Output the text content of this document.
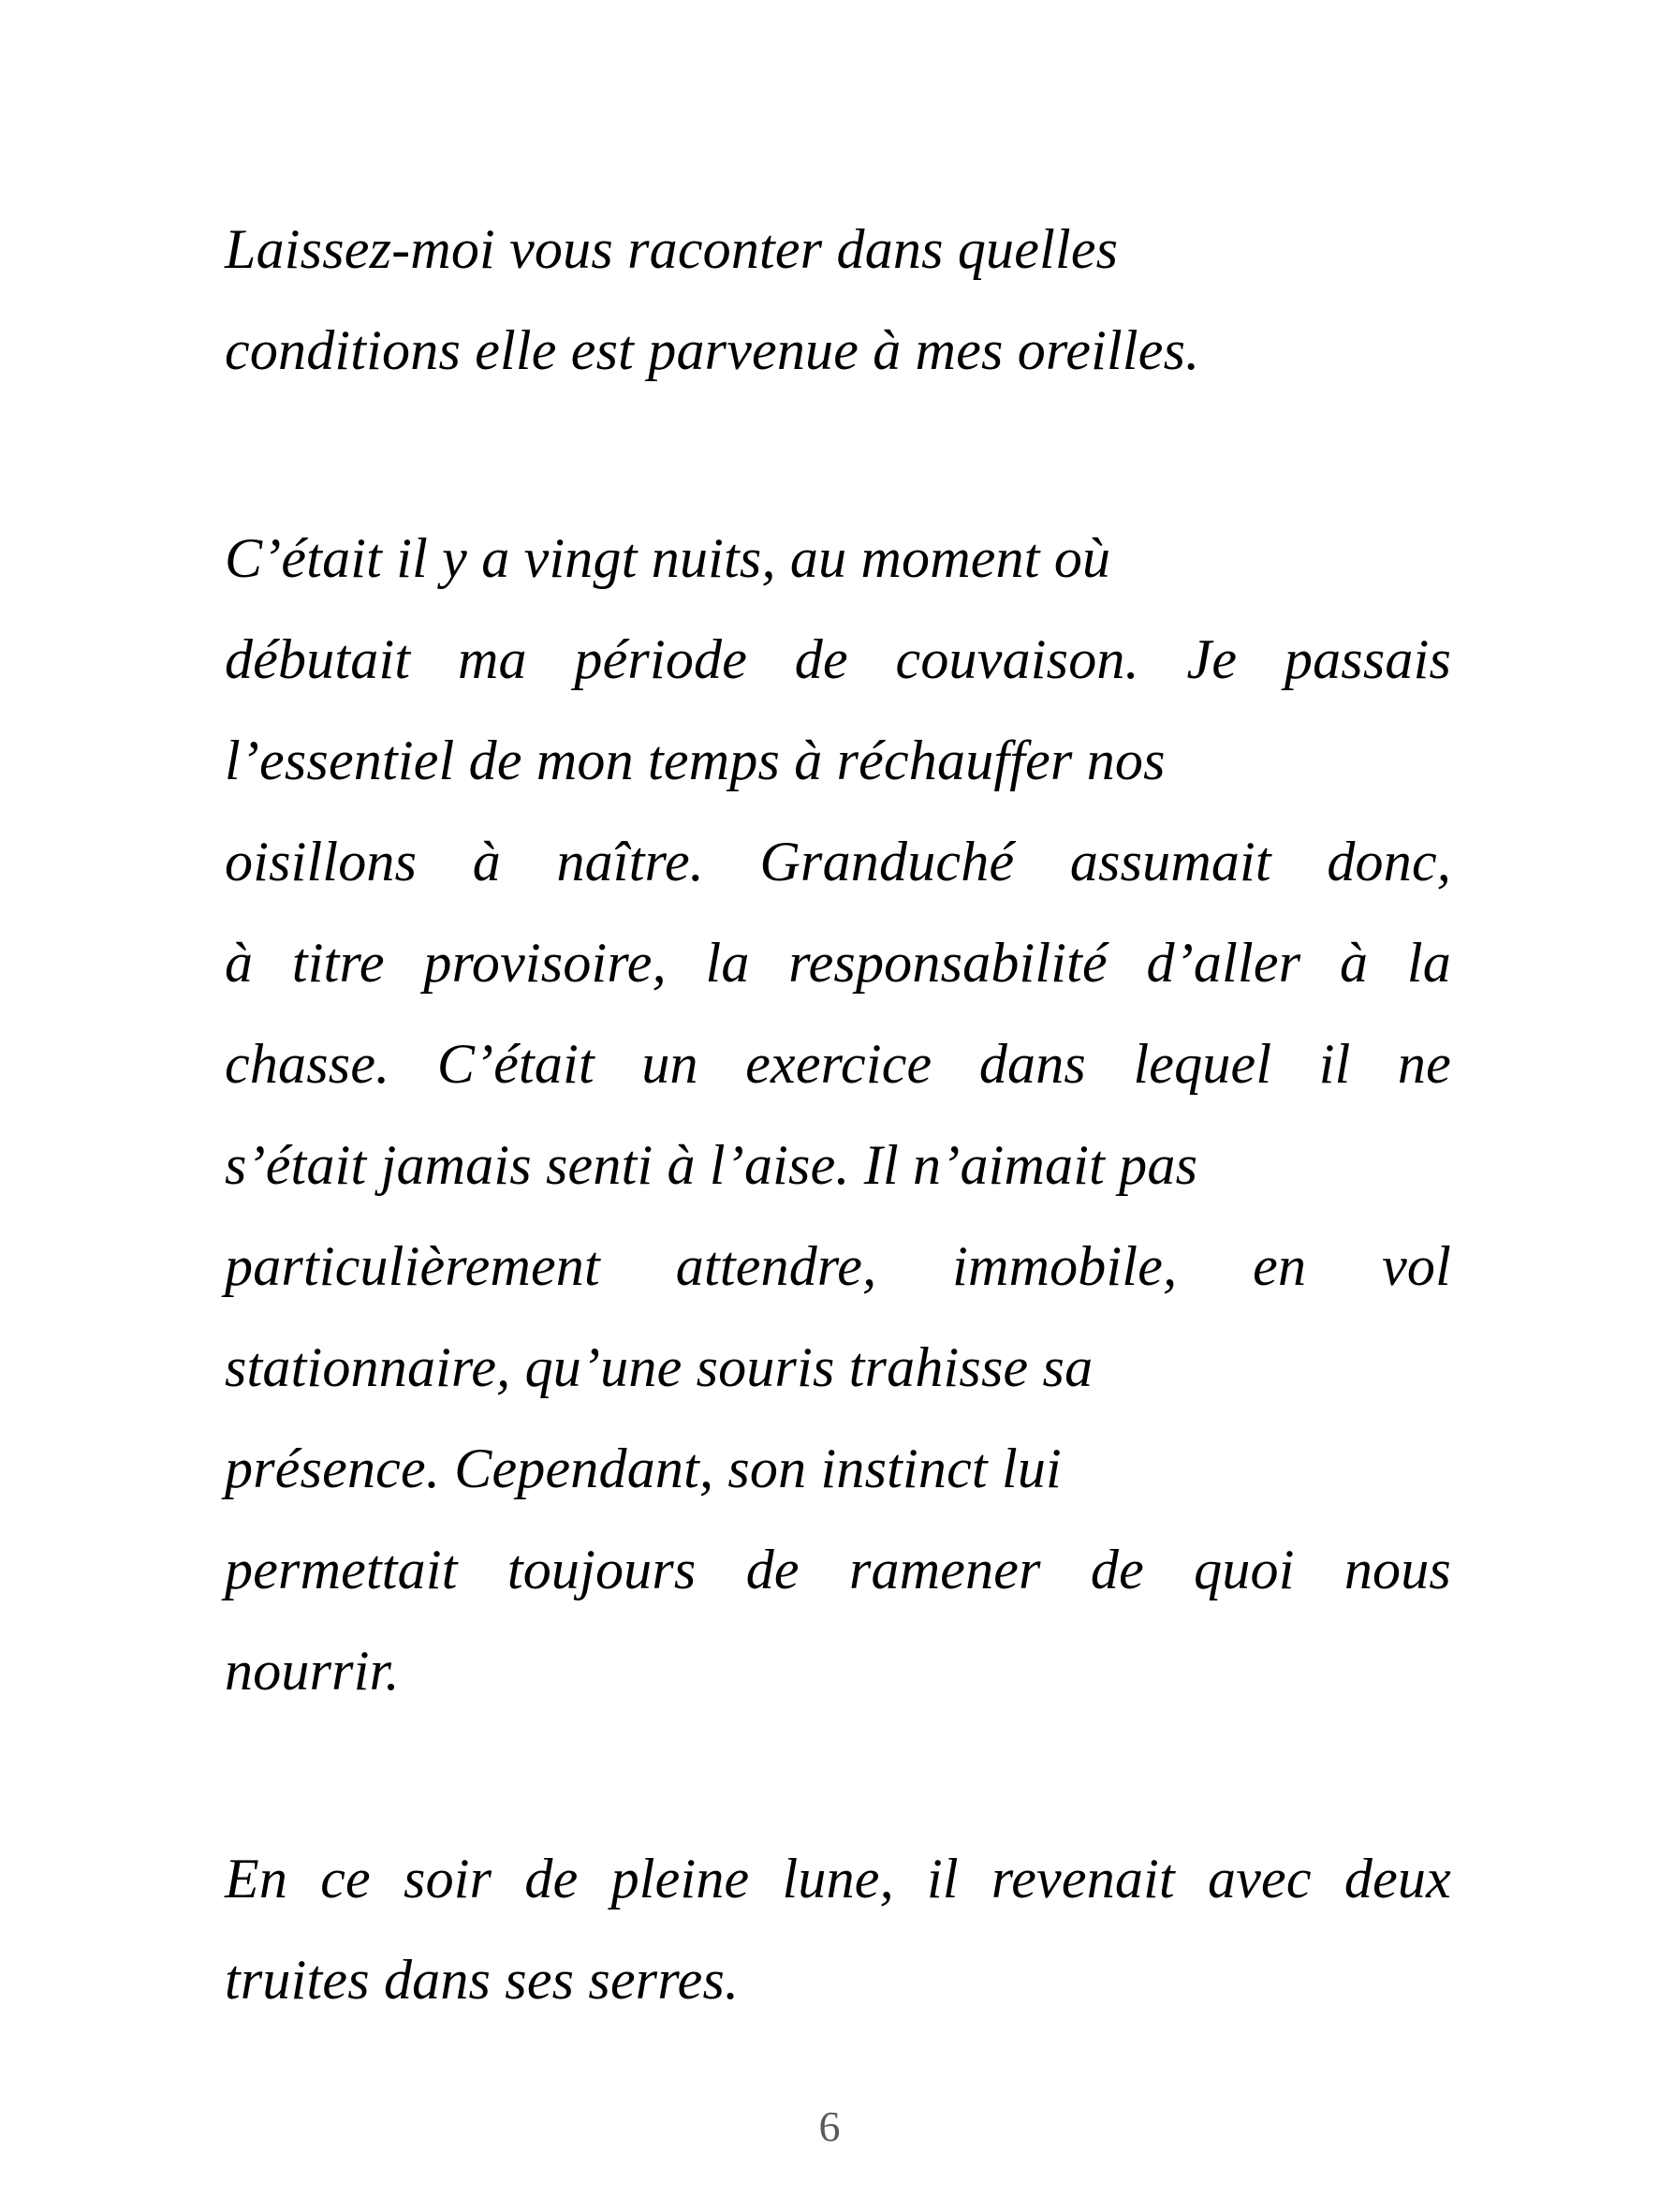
Laissez-moi vous raconter dans quelles
conditions elle est parvenue à mes oreilles.
C’était il y a vingt nuits, au moment où
débutait ma période de couvaison. Je passais
l’essentiel de mon temps à réchauffer nos
oisillons à naître. Granduché assumait donc,
à titre provisoire, la responsabilité d’aller à la
chasse. C’était un exercice dans lequel il ne
s’était jamais senti à l’aise. Il n’aimait pas
particulièrement attendre, immobile, en vol
stationnaire, qu’une souris trahisse sa
présence. Cependant, son instinct lui
permettait toujours de ramener de quoi nous
nourrir.
En ce soir de pleine lune, il revenait avec deux
truites dans ses serres.
6
